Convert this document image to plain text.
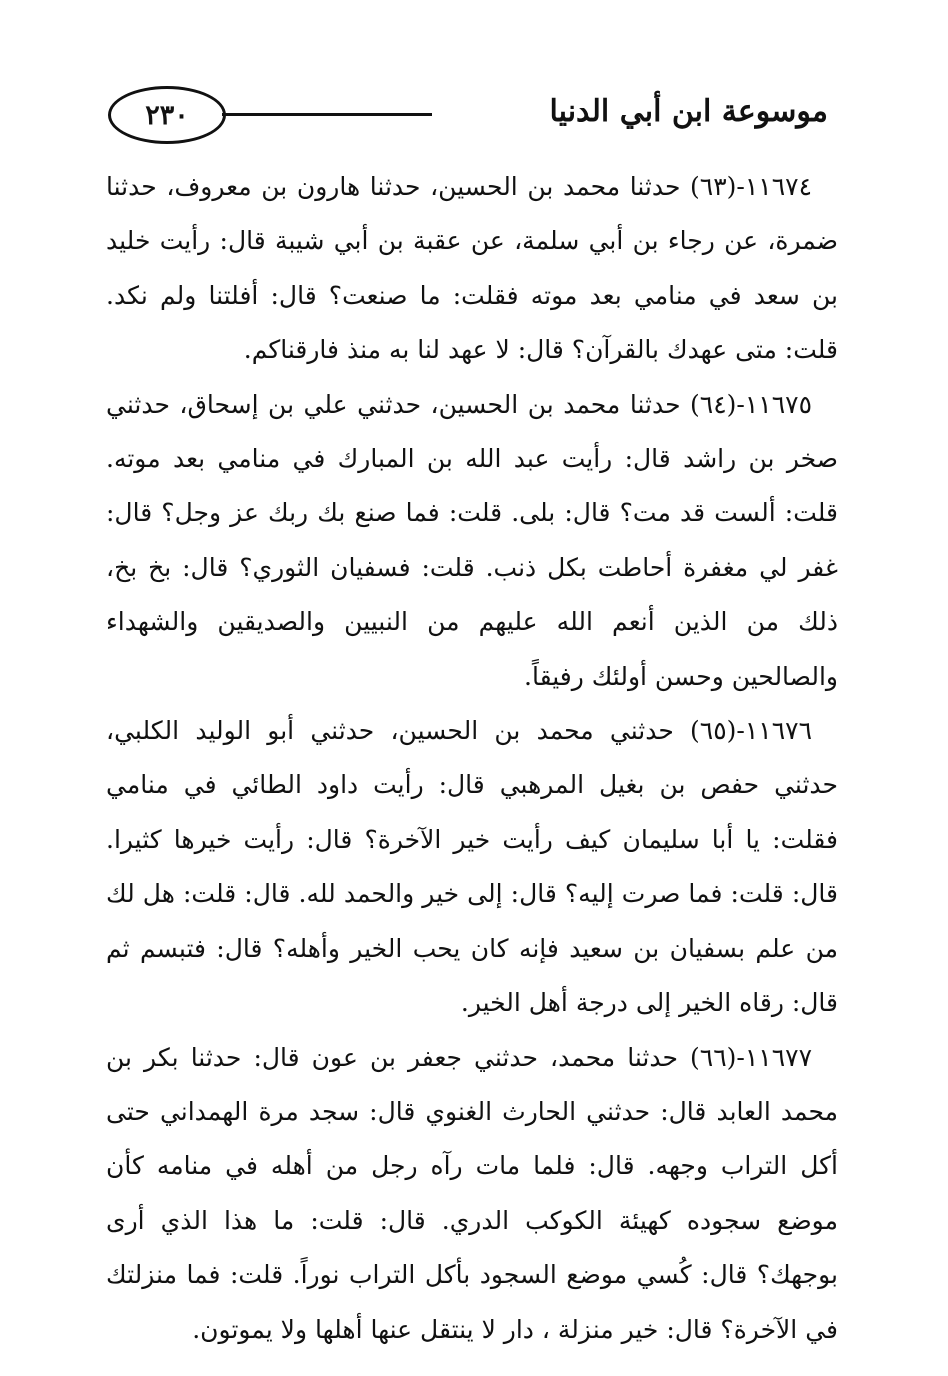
٢٣٠	موسوعة ابن أبي الدنيا

١١٦٧٤-(٦٣) حدثنا محمد بن الحسين، حدثنا هارون بن معروف، حدثنا ضمرة، عن رجاء بن أبي سلمة، عن عقبة بن أبي شيبة قال: رأيت خليد بن سعد في منامي بعد موته فقلت: ما صنعت؟ قال: أفلتنا ولم نكد. قلت: متى عهدك بالقرآن؟ قال: لا عهد لنا به منذ فارقناكم.

١١٦٧٥-(٦٤) حدثنا محمد بن الحسين، حدثني علي بن إسحاق، حدثني صخر بن راشد قال: رأيت عبد الله بن المبارك في منامي بعد موته. قلت: ألست قد مت؟ قال: بلى. قلت: فما صنع بك ربك عز وجل؟ قال: غفر لي مغفرة أحاطت بكل ذنب. قلت: فسفيان الثوري؟ قال: بخ بخ، ذلك من الذين أنعم الله عليهم من النبيين والصديقين والشهداء والصالحين وحسن أولئك رفيقاً.

١١٦٧٦-(٦٥) حدثني محمد بن الحسين، حدثني أبو الوليد الكلبي، حدثني حفص بن بغيل المرهبي قال: رأيت داود الطائي في منامي فقلت: يا أبا سليمان كيف رأيت خير الآخرة؟ قال: رأيت خيرها كثيرا. قال: قلت: فما صرت إليه؟ قال: إلى خير والحمد لله. قال: قلت: هل لك من علم بسفيان بن سعيد فإنه كان يحب الخير وأهله؟ قال: فتبسم ثم قال: رقاه الخير إلى درجة أهل الخير.

١١٦٧٧-(٦٦) حدثنا محمد، حدثني جعفر بن عون قال: حدثنا بكر بن محمد العابد قال: حدثني الحارث الغنوي قال: سجد مرة الهمداني حتى أكل التراب وجهه. قال: فلما مات رآه رجل من أهله في منامه كأن موضع سجوده كهيئة الكوكب الدري. قال: قلت: ما هذا الذي أرى بوجهك؟ قال: كُسي موضع السجود بأكل التراب نوراً. قلت: فما منزلتك في الآخرة؟ قال: خير منزلة ، دار لا ينتقل عنها أهلها ولا يموتون.
